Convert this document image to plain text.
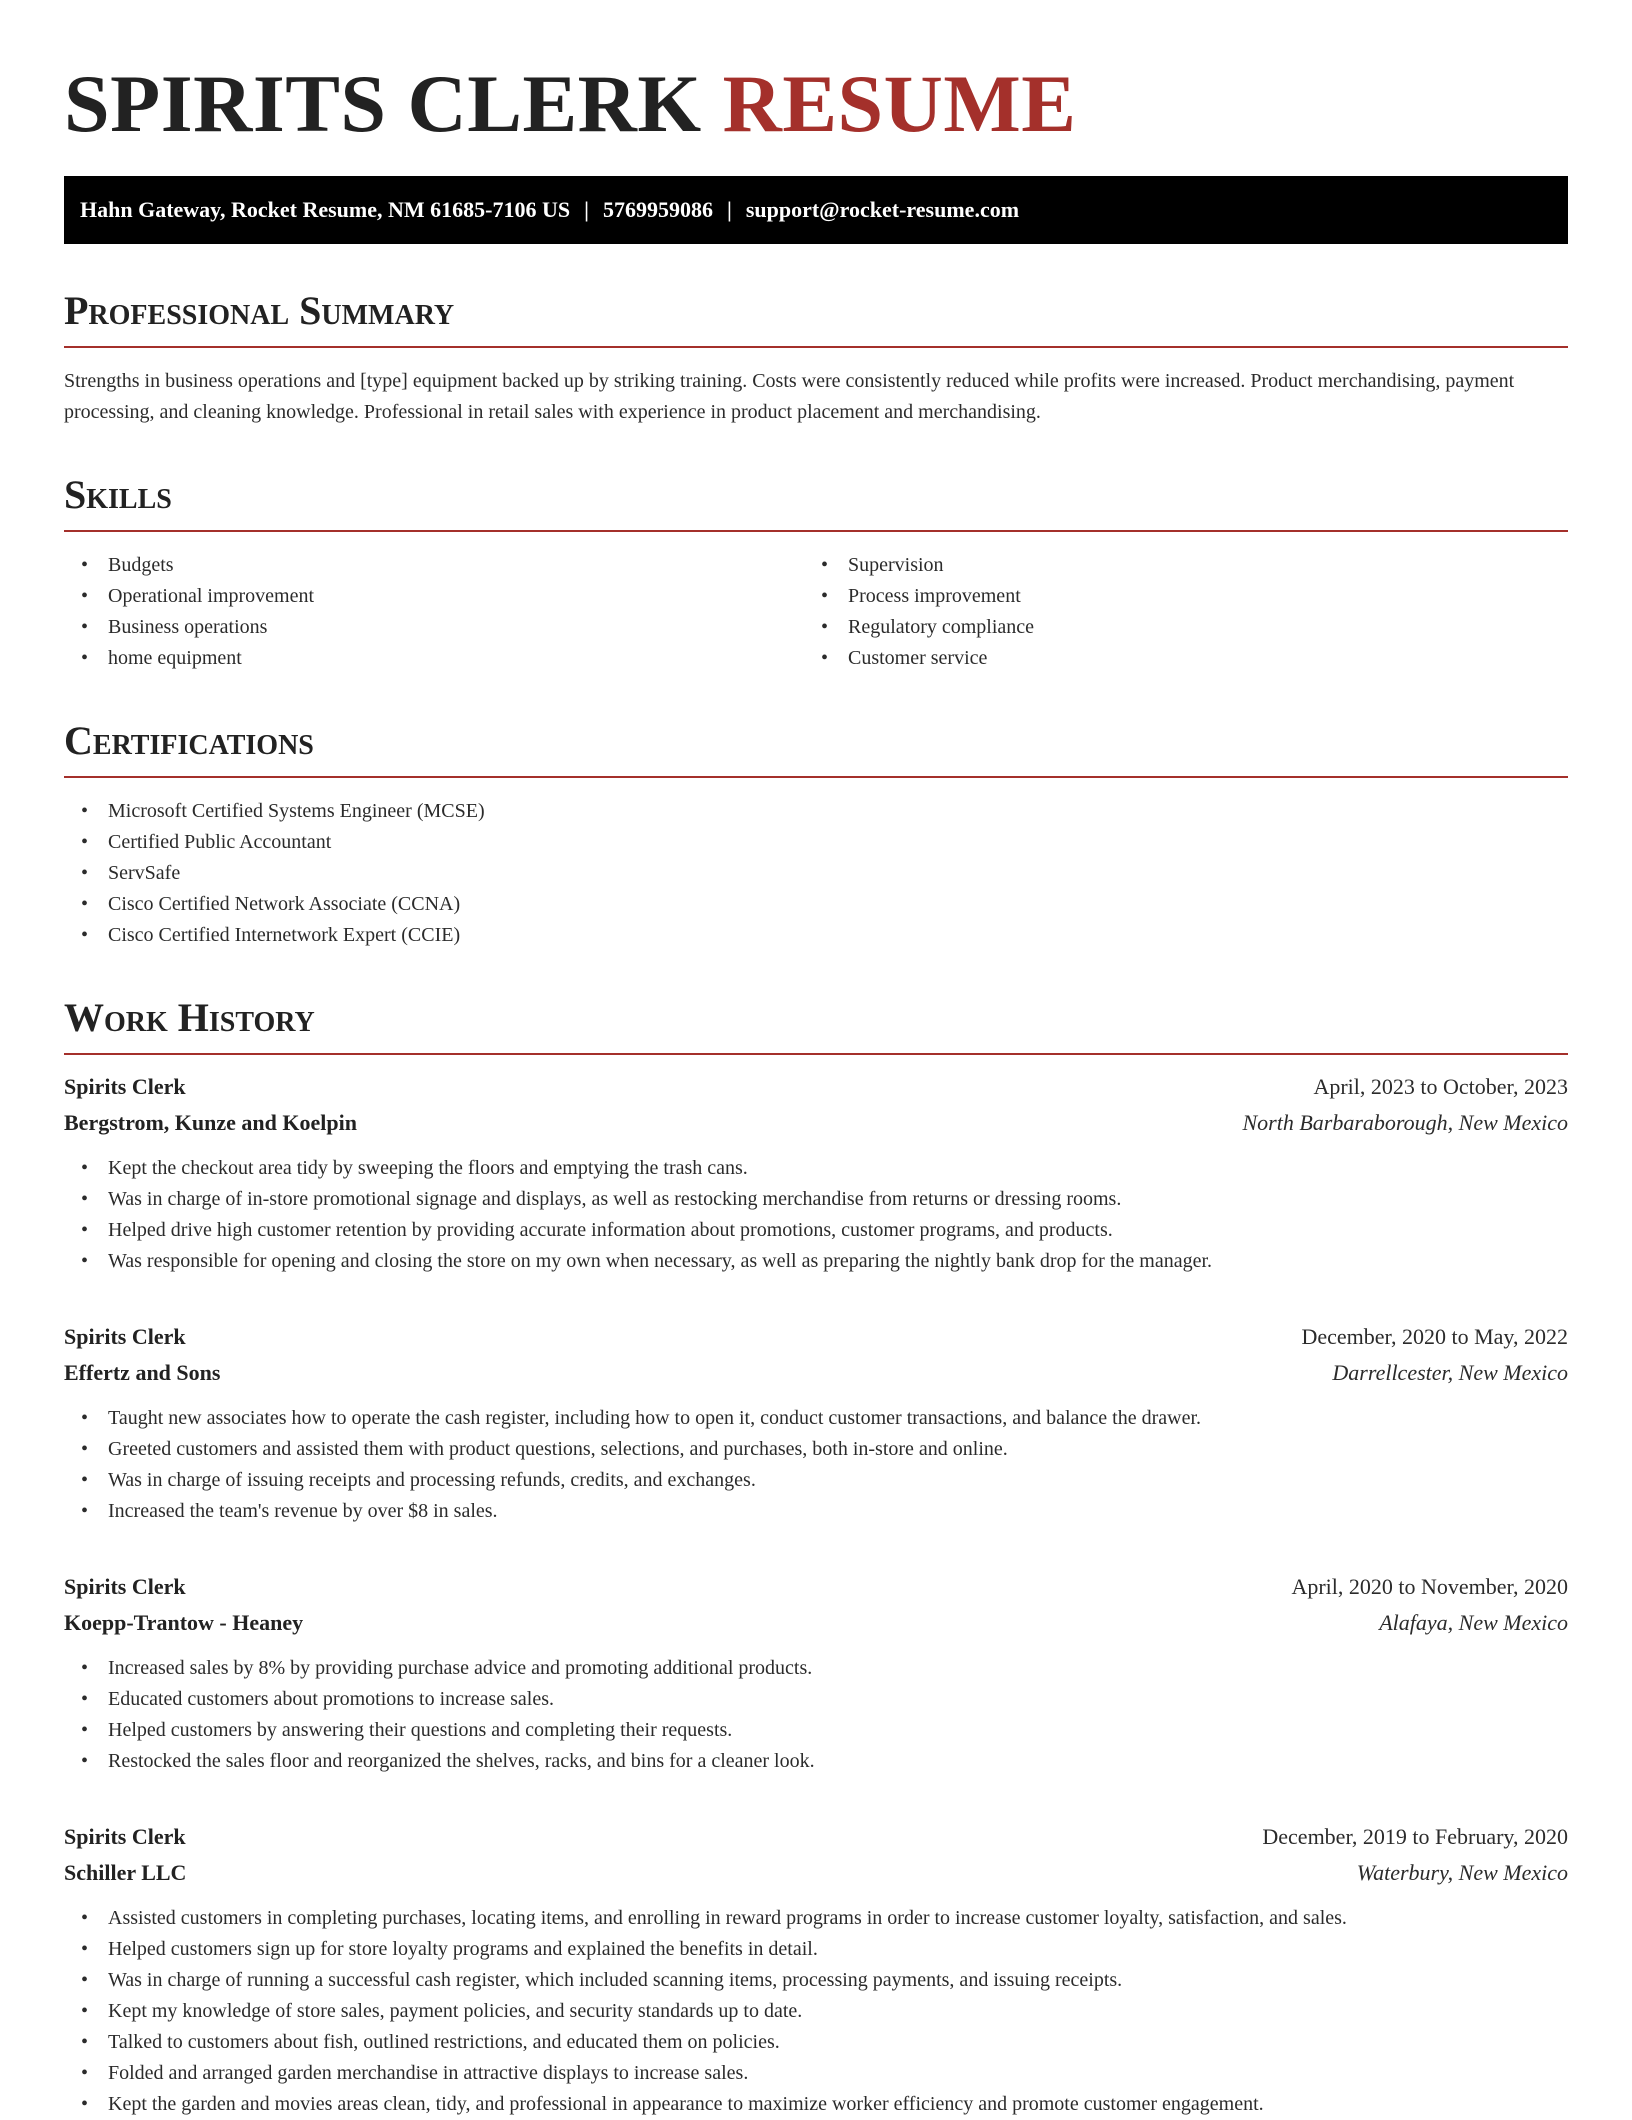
SPIRITS CLERK RESUME
Hahn Gateway, Rocket Resume, NM 61685-7106 US | 5769959086 | support@rocket-resume.com
Professional Summary

Strengths in business operations and [type] equipment backed up by striking training. Costs were consistently reduced while profits were increased. Product merchandising, payment processing, and cleaning knowledge. Professional in retail sales with experience in product placement and merchandising.

Skills
• Budgets
• Operational improvement
• Business operations
• home equipment
• Supervision
• Process improvement
• Regulatory compliance
• Customer service
Certifications
• Microsoft Certified Systems Engineer (MCSE)
• Certified Public Accountant
• ServSafe
• Cisco Certified Network Associate (CCNA)
• Cisco Certified Internetwork Expert (CCIE)
Work History
Spirits Clerk	April, 2023 to October, 2023
Bergstrom, Kunze and Koelpin	North Barbaraborough, New Mexico
• Kept the checkout area tidy by sweeping the floors and emptying the trash cans.
• Was in charge of in-store promotional signage and displays, as well as restocking merchandise from returns or dressing rooms.
• Helped drive high customer retention by providing accurate information about promotions, customer programs, and products.
• Was responsible for opening and closing the store on my own when necessary, as well as preparing the nightly bank drop for the manager.
Spirits Clerk	December, 2020 to May, 2022
Effertz and Sons	Darrellcester, New Mexico
• Taught new associates how to operate the cash register, including how to open it, conduct customer transactions, and balance the drawer.
• Greeted customers and assisted them with product questions, selections, and purchases, both in-store and online.
• Was in charge of issuing receipts and processing refunds, credits, and exchanges.
• Increased the team's revenue by over $8 in sales.
Spirits Clerk	April, 2020 to November, 2020
Koepp-Trantow - Heaney	Alafaya, New Mexico
• Increased sales by 8% by providing purchase advice and promoting additional products.
• Educated customers about promotions to increase sales.
• Helped customers by answering their questions and completing their requests.
• Restocked the sales floor and reorganized the shelves, racks, and bins for a cleaner look.
Spirits Clerk	December, 2019 to February, 2020
Schiller LLC	Waterbury, New Mexico
• Assisted customers in completing purchases, locating items, and enrolling in reward programs in order to increase customer loyalty, satisfaction, and sales.
• Helped customers sign up for store loyalty programs and explained the benefits in detail.
• Was in charge of running a successful cash register, which included scanning items, processing payments, and issuing receipts.
• Kept my knowledge of store sales, payment policies, and security standards up to date.
• Talked to customers about fish, outlined restrictions, and educated them on policies.
• Folded and arranged garden merchandise in attractive displays to increase sales.
• Kept the garden and movies areas clean, tidy, and professional in appearance to maximize worker efficiency and promote customer engagement.
